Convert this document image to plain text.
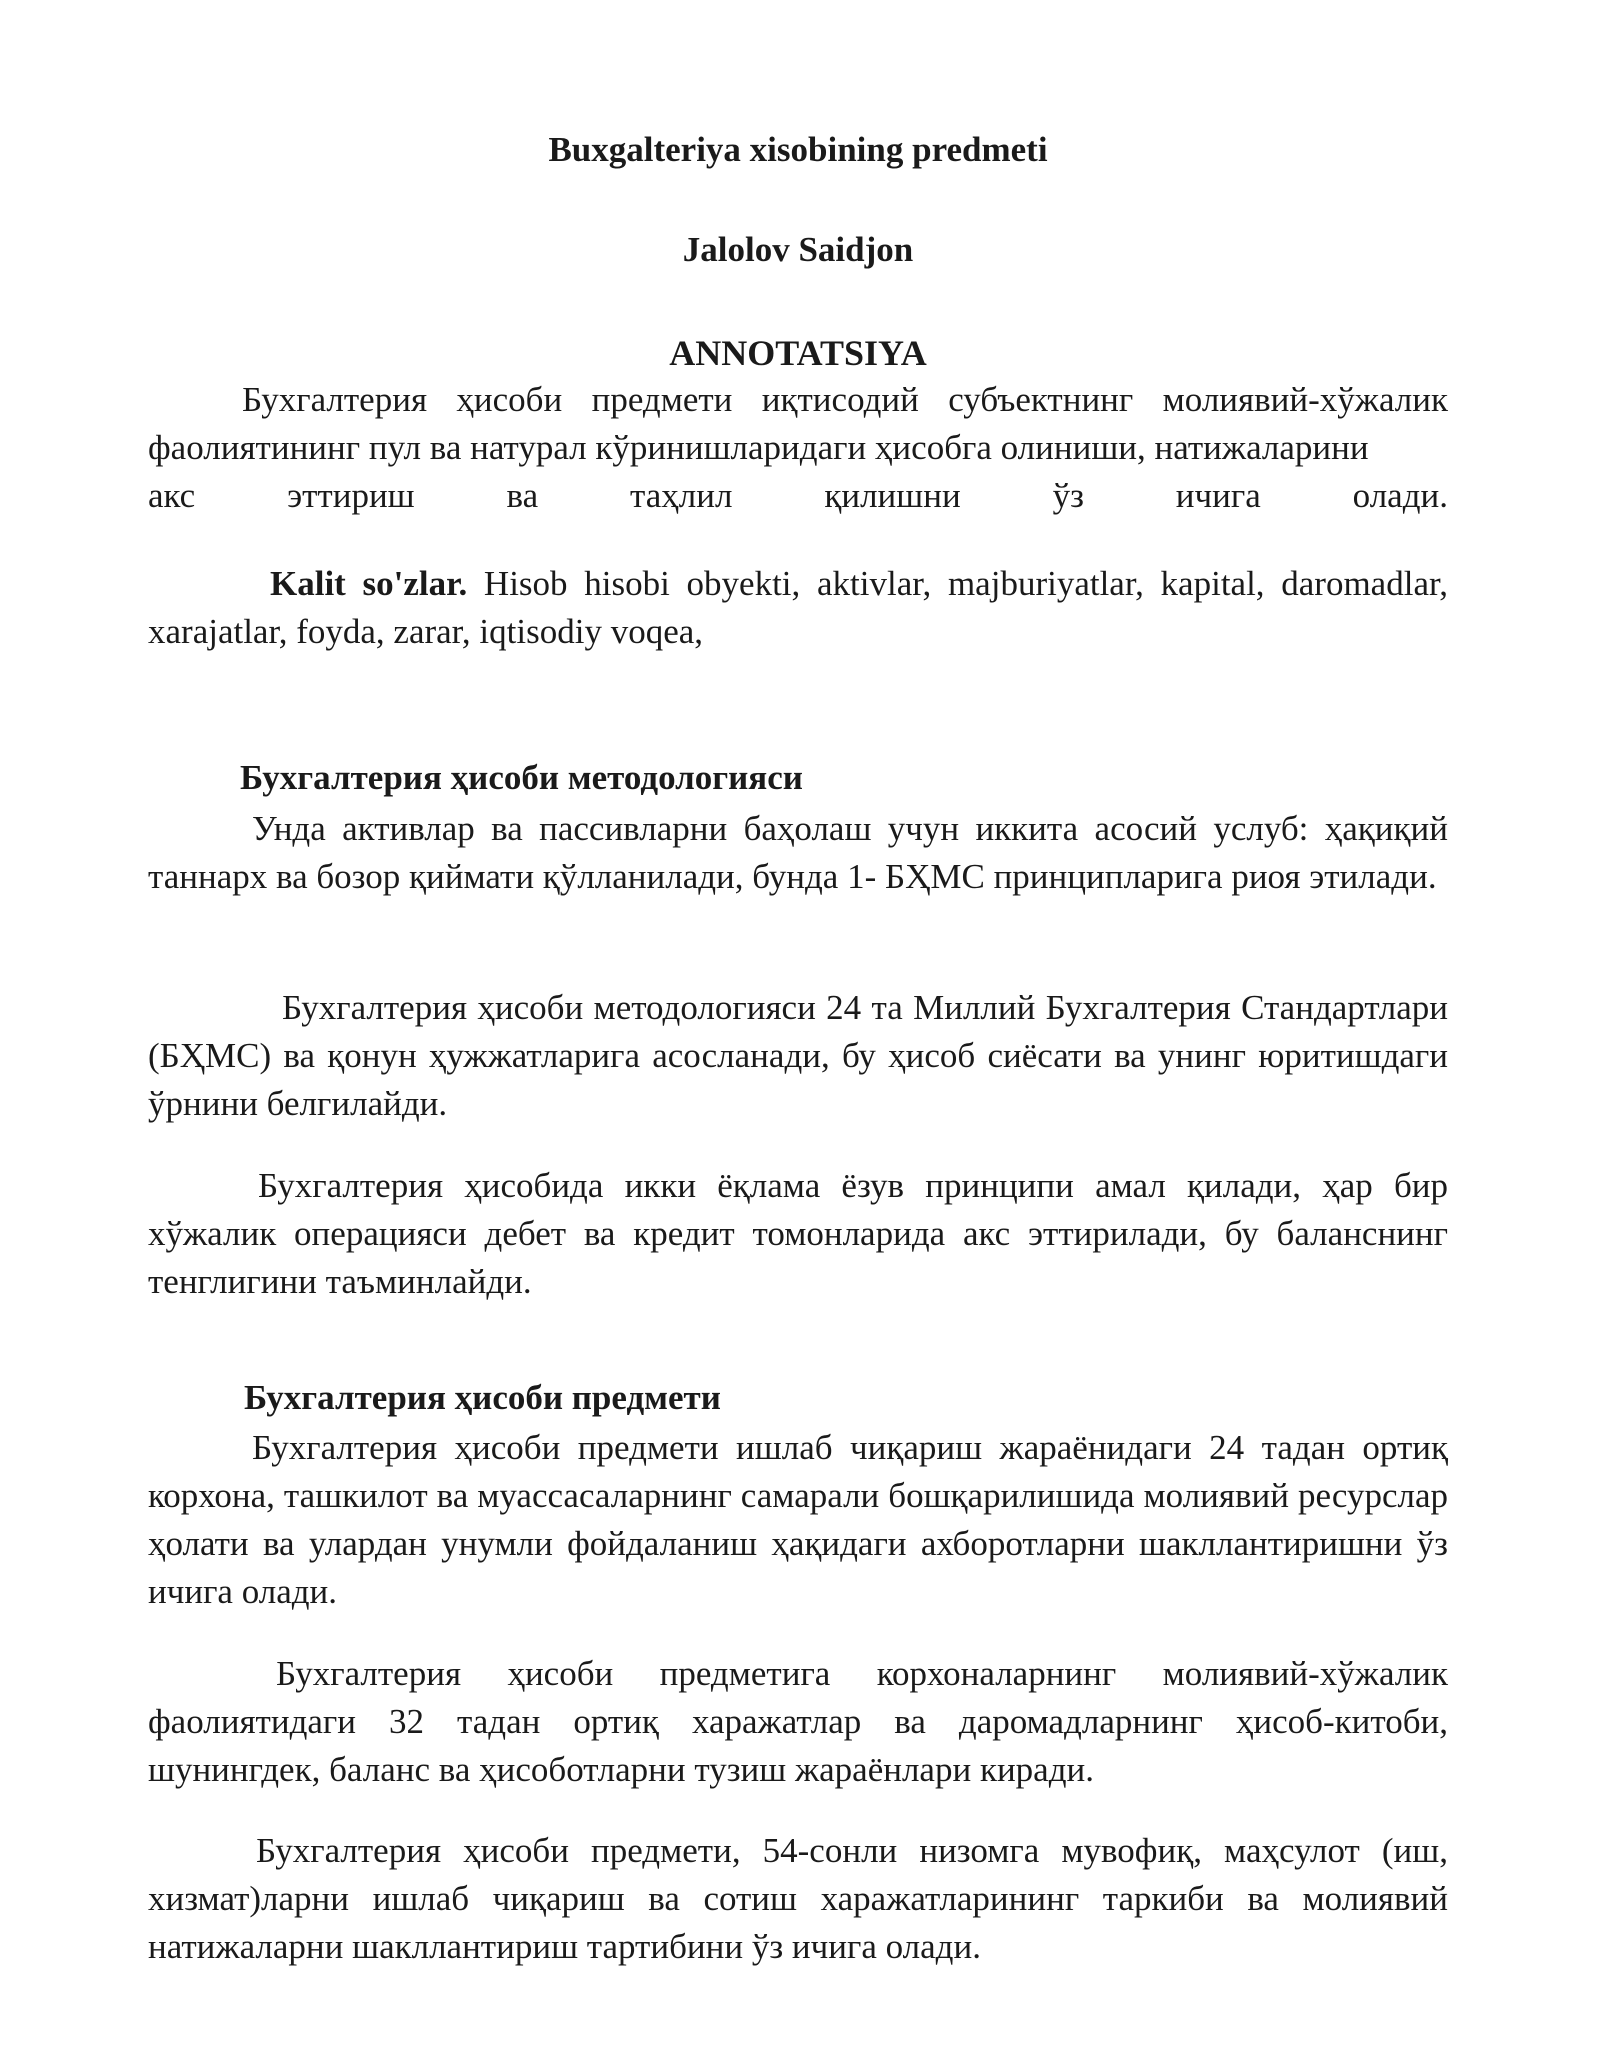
Buxgalteriya xisobining predmeti
Jalolov Saidjon
ANNOTATSIYA

Бухгалтерия ҳисоби предмети иқтисодий субъектнинг молиявий-хўжалик фаолиятининг пул ва натурал кўринишларидаги ҳисобга олиниши, натижаларини

акс эттириш ва таҳлил қилишни ўз ичига олади.

Kalit so'zlar. Hisob hisobi obyekti, aktivlar, majburiyatlar, kapital, daromadlar, xarajatlar, foyda, zarar, iqtisodiy voqea,

Бухгалтерия ҳисоби методологияси

Унда активлар ва пассивларни баҳолаш учун иккита асосий услуб: ҳақиқий таннарх ва бозор қиймати қўлланилади, бунда 1- БҲМС принципларига риоя этилади.

Бухгалтерия ҳисоби методологияси 24 та Миллий Бухгалтерия Стандартлари (БҲМС) ва қонун ҳужжатларига асосланади, бу ҳисоб сиёсати ва унинг юритишдаги ўрнини белгилайди.

Бухгалтерия ҳисобида икки ёқлама ёзув принципи амал қилади, ҳар бир хўжалик операцияси дебет ва кредит томонларида акс эттирилади, бу баланснинг тенглигини таъминлайди.

Бухгалтерия ҳисоби предмети

Бухгалтерия ҳисоби предмети ишлаб чиқариш жараёнидаги 24 тадан ортиқ корхона, ташкилот ва муассасаларнинг самарали бошқарилишида молиявий ресурслар ҳолати ва улардан унумли фойдаланиш ҳақидаги ахборотларни шакллантиришни ўз ичига олади.

Бухгалтерия ҳисоби предметига корхоналарнинг молиявий-хўжалик фаолиятидаги 32 тадан ортиқ харажатлар ва даромадларнинг ҳисоб-китоби, шунингдек, баланс ва ҳисоботларни тузиш жараёнлари киради.

Бухгалтерия ҳисоби предмети, 54-сонли низомга мувофиқ, маҳсулот (иш, хизмат)ларни ишлаб чиқариш ва сотиш харажатларининг таркиби ва молиявий натижаларни шакллантириш тартибини ўз ичига олади.
